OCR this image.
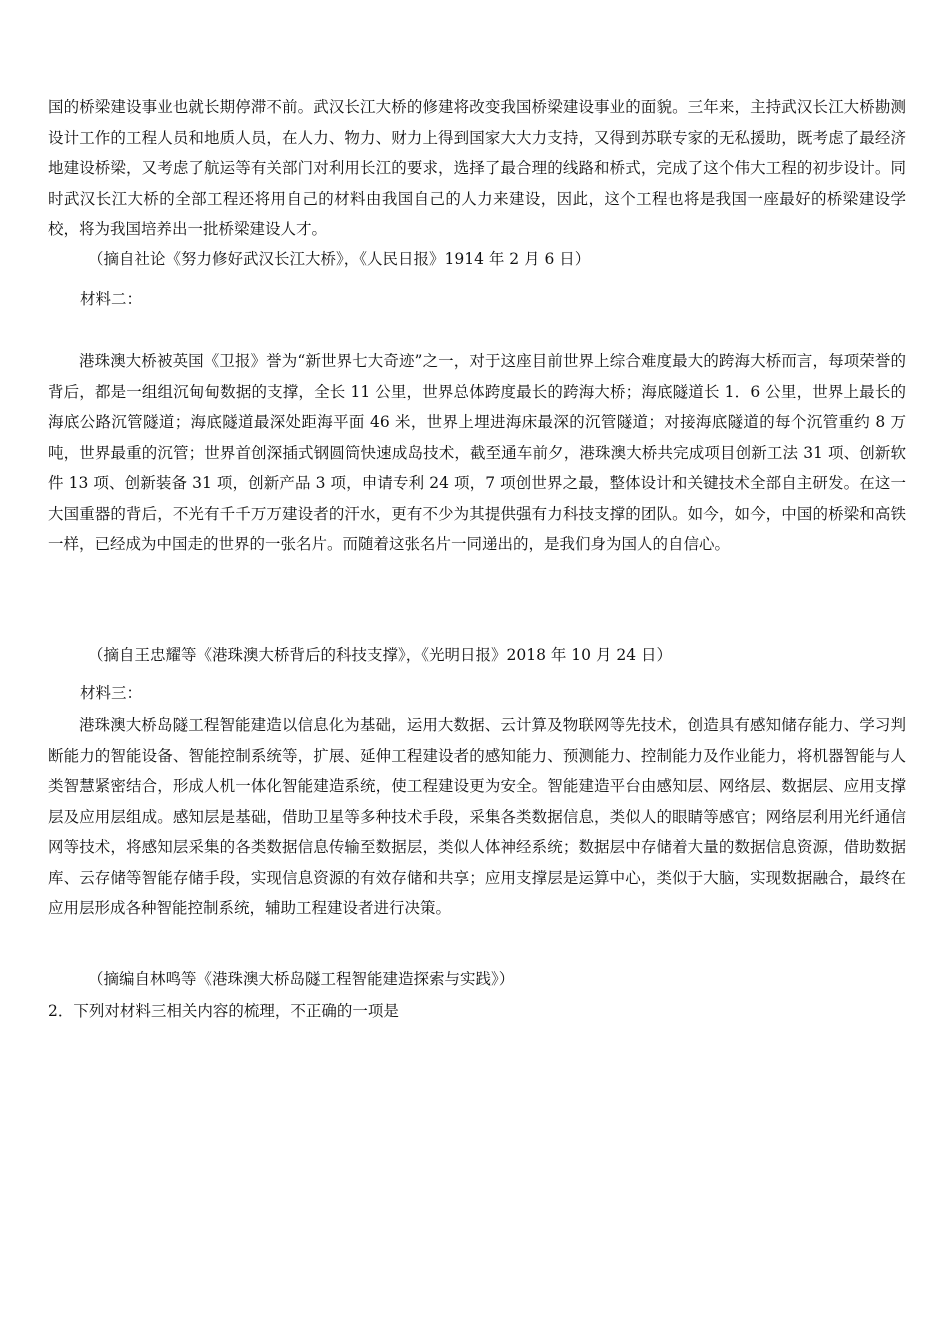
国的桥梁建设事业也就长期停滞不前。武汉长江大桥的修建将改变我国桥梁建设事业的面貌。三年来，主持武汉长江大桥勘测设计工作的工程人员和地质人员，在人力、物力、财力上得到国家大大力支持，又得到苏联专家的无私援助，既考虑了最经济地建设桥梁，又考虑了航运等有关部门对利用长江的要求，选择了最合理的线路和桥式，完成了这个伟大工程的初步设计。同时武汉长江大桥的全部工程还将用自己的材料由我国自己的人力来建设，因此，这个工程也将是我国一座最好的桥梁建设学校，将为我国培养出一批桥梁建设人才。

（摘自社论《努力修好武汉长江大桥》，《人民日报》1914 年 2 月 6 日）

材料二：

港珠澳大桥被英国《卫报》誉为“新世界七大奇迹”之一，对于这座目前世界上综合难度最大的跨海大桥而言，每项荣誉的背后，都是一组组沉甸甸数据的支撑，全长 11 公里，世界总体跨度最长的跨海大桥；海底隧道长 1．6 公里，世界上最长的海底公路沉管隧道；海底隧道最深处距海平面 46 米，世界上埋进海床最深的沉管隧道；对接海底隧道的每个沉管重约 8 万吨，世界最重的沉管；世界首创深插式钢圆筒快速成岛技术，截至通车前夕，港珠澳大桥共完成项目创新工法 31 项、创新软件 13 项、创新装备 31 项，创新产品 3 项，申请专利 24 项，7 项创世界之最，整体设计和关键技术全部自主研发。在这一大国重器的背后，不光有千千万万建设者的汗水，更有不少为其提供强有力科技支撑的团队。如今，如今，中国的桥梁和高铁一样，已经成为中国走的世界的一张名片。而随着这张名片一同递出的，是我们身为国人的自信心。

（摘自王忠耀等《港珠澳大桥背后的科技支撑》，《光明日报》2018 年 10 月 24 日）

材料三：

港珠澳大桥岛隧工程智能建造以信息化为基础，运用大数据、云计算及物联网等先技术，创造具有感知储存能力、学习判断能力的智能设备、智能控制系统等，扩展、延伸工程建设者的感知能力、预测能力、控制能力及作业能力，将机器智能与人类智慧紧密结合，形成人机一体化智能建造系统，使工程建设更为安全。智能建造平台由感知层、网络层、数据层、应用支撑层及应用层组成。感知层是基础，借助卫星等多种技术手段，采集各类数据信息，类似人的眼睛等感官；网络层利用光纤通信网等技术，将感知层采集的各类数据信息传输至数据层，类似人体神经系统；数据层中存储着大量的数据信息资源，借助数据库、云存储等智能存储手段，实现信息资源的有效存储和共享；应用支撑层是运算中心，类似于大脑，实现数据融合，最终在应用层形成各种智能控制系统，辅助工程建设者进行决策。

（摘编自林鸣等《港珠澳大桥岛隧工程智能建造探索与实践》）

2．下列对材料三相关内容的梳理，不正确的一项是
